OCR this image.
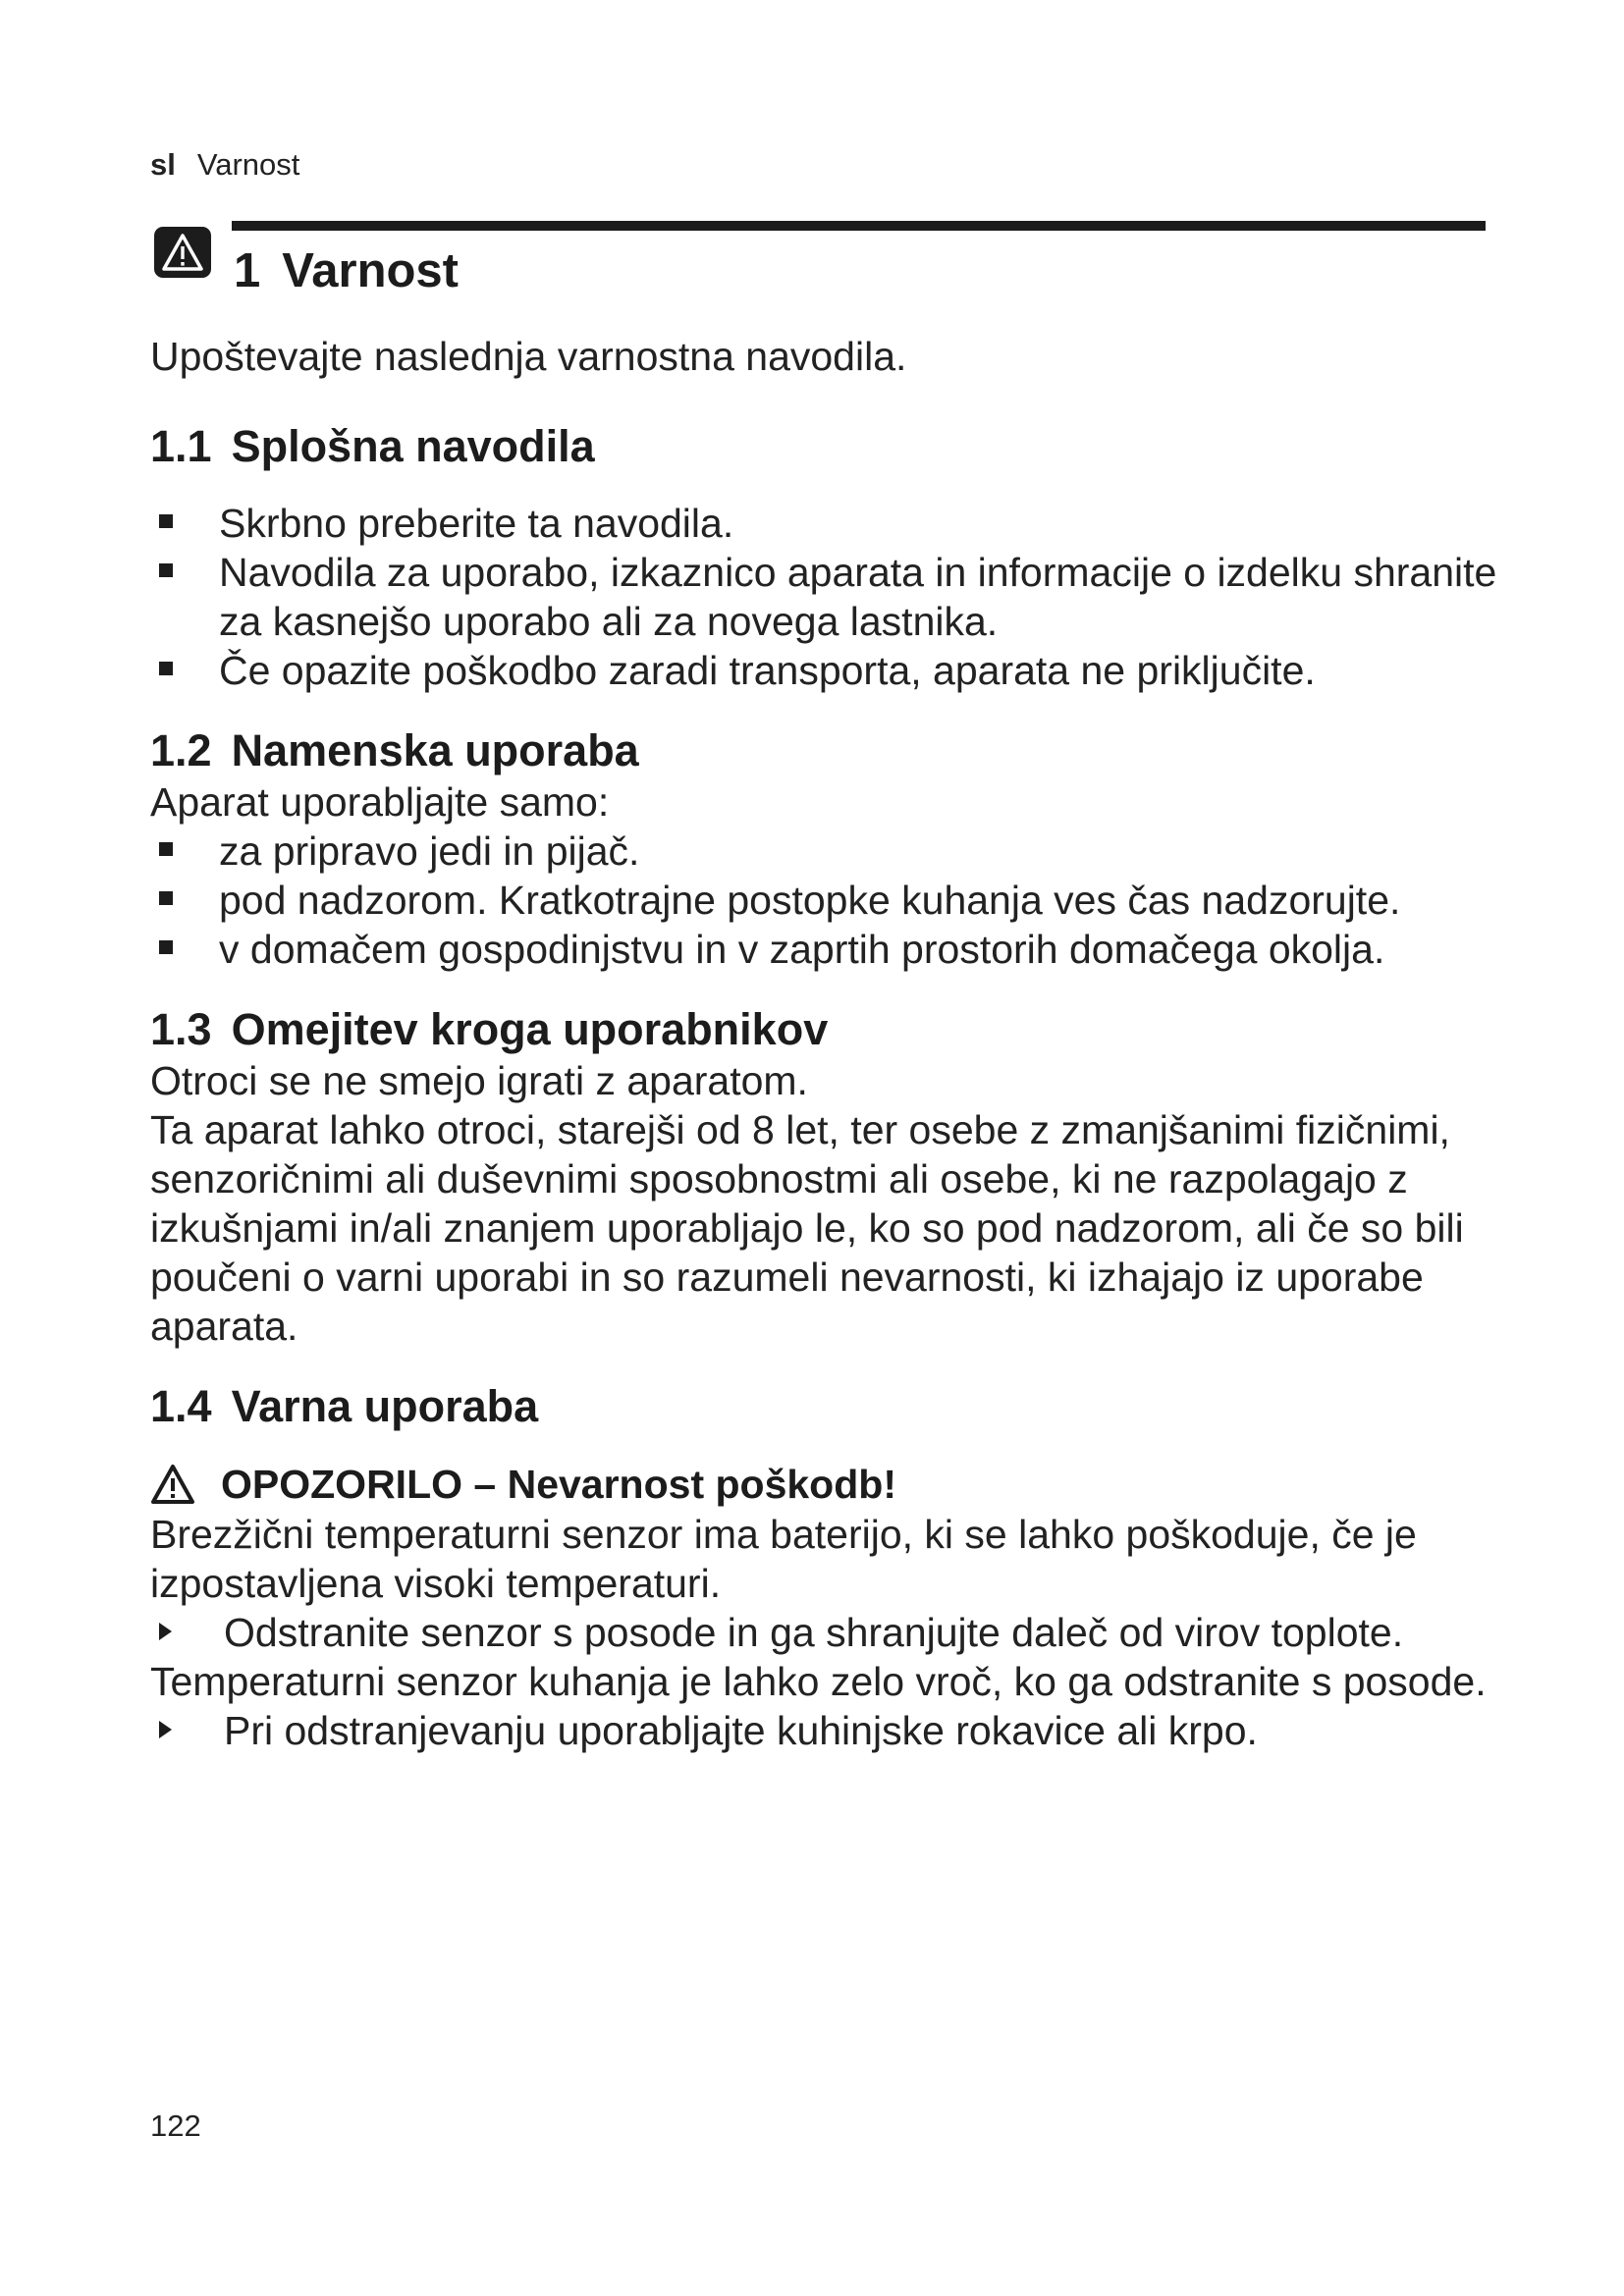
sl Varnost
1 Varnost

Upoštevajte naslednja varnostna navodila.

1.1 Splošna navodila
Skrbno preberite ta navodila.
Navodila za uporabo, izkaznico aparata in informacije o izdelku shranite za kasnejšo uporabo ali za novega lastnika.
Če opazite poškodbo zaradi transporta, aparata ne priključite.
1.2 Namenska uporaba

Aparat uporabljajte samo:

za pripravo jedi in pijač.
pod nadzorom. Kratkotrajne postopke kuhanja ves čas nadzorujte.
v domačem gospodinjstvu in v zaprtih prostorih domačega okolja.
1.3 Omejitev kroga uporabnikov

Otroci se ne smejo igrati z aparatom.

Ta aparat lahko otroci, starejši od 8 let, ter osebe z zmanjšanimi fizičnimi, senzoričnimi ali duševnimi sposobnostmi ali osebe, ki ne razpolagajo z izkušnjami in/ali znanjem uporabljajo le, ko so pod nadzorom, ali če so bili poučeni o varni uporabi in so razumeli nevarnosti, ki izhajajo iz uporabe aparata.

1.4 Varna uporaba
OPOZORILO – Nevarnost poškodb!

Brezžični temperaturni senzor ima baterijo, ki se lahko poškoduje, če je izpostavljena visoki temperaturi.

Odstranite senzor s posode in ga shranjujte daleč od virov toplote.

Temperaturni senzor kuhanja je lahko zelo vroč, ko ga odstranite s posode.

Pri odstranjevanju uporabljajte kuhinjske rokavice ali krpo.
122
